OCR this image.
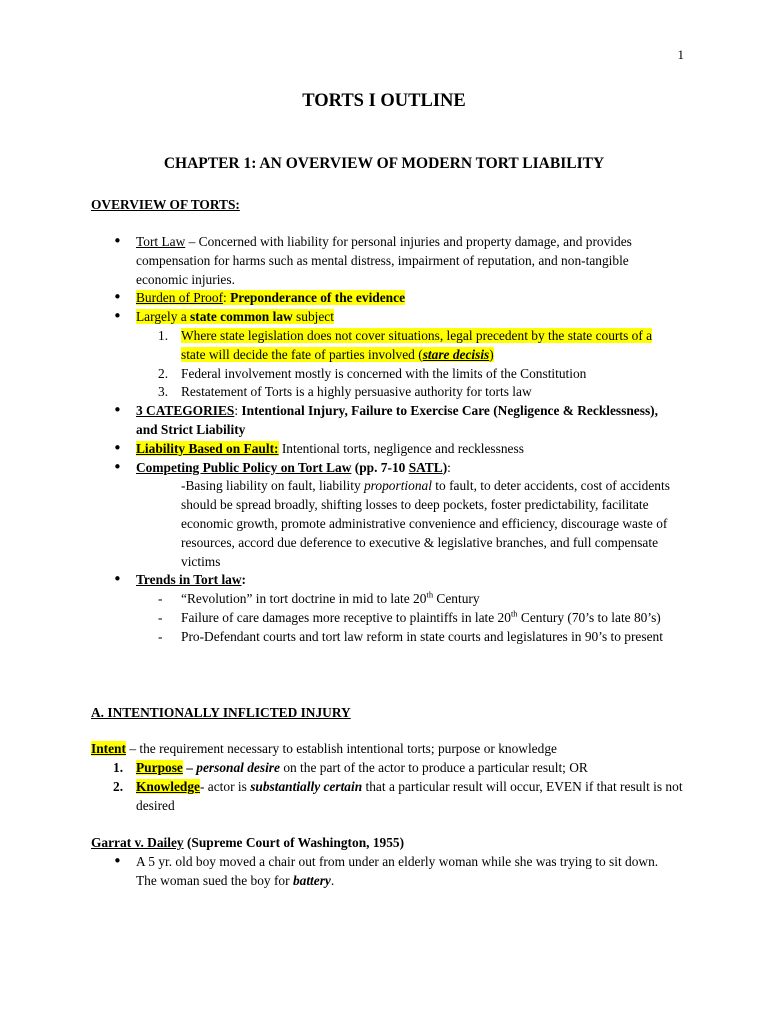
1
TORTS I OUTLINE
CHAPTER 1: AN OVERVIEW OF MODERN TORT LIABILITY
OVERVIEW OF TORTS:
• Tort Law – Concerned with liability for personal injuries and property damage, and provides compensation for harms such as mental distress, impairment of reputation, and non-tangible economic injuries.
• Burden of Proof: Preponderance of the evidence
• Largely a state common law subject
1. Where state legislation does not cover situations, legal precedent by the state courts of a state will decide the fate of parties involved (stare decisis)
2. Federal involvement mostly is concerned with the limits of the Constitution
3. Restatement of Torts is a highly persuasive authority for torts law
• 3 CATEGORIES: Intentional Injury, Failure to Exercise Care (Negligence & Recklessness), and Strict Liability
• Liability Based on Fault: Intentional torts, negligence and recklessness
• Competing Public Policy on Tort Law (pp. 7-10 SATL):
-Basing liability on fault, liability proportional to fault, to deter accidents, cost of accidents should be spread broadly, shifting losses to deep pockets, foster predictability, facilitate economic growth, promote administrative convenience and efficiency, discourage waste of resources, accord due deference to executive & legislative branches, and full compensate victims
• Trends in Tort law:
- “Revolution” in tort doctrine in mid to late 20th Century
- Failure of care damages more receptive to plaintiffs in late 20th Century (70’s to late 80’s)
- Pro-Defendant courts and tort law reform in state courts and legislatures in 90’s to present
A. INTENTIONALLY INFLICTED INJURY
Intent – the requirement necessary to establish intentional torts; purpose or knowledge
1. Purpose – personal desire on the part of the actor to produce a particular result; OR
2. Knowledge- actor is substantially certain that a particular result will occur, EVEN if that result is not desired
Garrat v. Dailey (Supreme Court of Washington, 1955)
• A 5 yr. old boy moved a chair out from under an elderly woman while she was trying to sit down. The woman sued the boy for battery.
